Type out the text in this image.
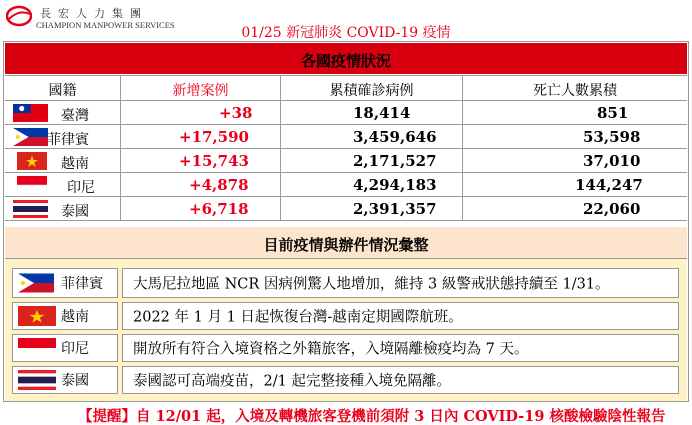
長宏人力集團
CHAMPION MANPOWER SERVICES	01/25 新冠肺炎 COVID-19 疫情
各國疫情狀況
國籍	新增案例	累積確診病例	死亡人數累積
臺灣	+38	18,414	851
菲律賓	+17,590	3,459,646	53,598
越南	+15,743	2,171,527	37,010
印尼	+4,878	4,294,183	144,247
泰國	+6,718	2,391,357	22,060
目前疫情與辦件情況彙整
菲律賓 大馬尼拉地區 NCR 因病例驚人地增加，維持 3 級警戒狀態持續至 1/31。
越南	2022 年 1 月 1 日起恢復台灣-越南定期國際航班。
印尼	開放所有符合入境資格之外籍旅客，入境隔離檢疫均為 7 天。
泰國	泰國認可高端疫苗，2/1 起完整接種入境免隔離。
【提醒】自 12/01 起，入境及轉機旅客登機前須附 3 日內 COVID-19 核酸檢驗陰性報告
